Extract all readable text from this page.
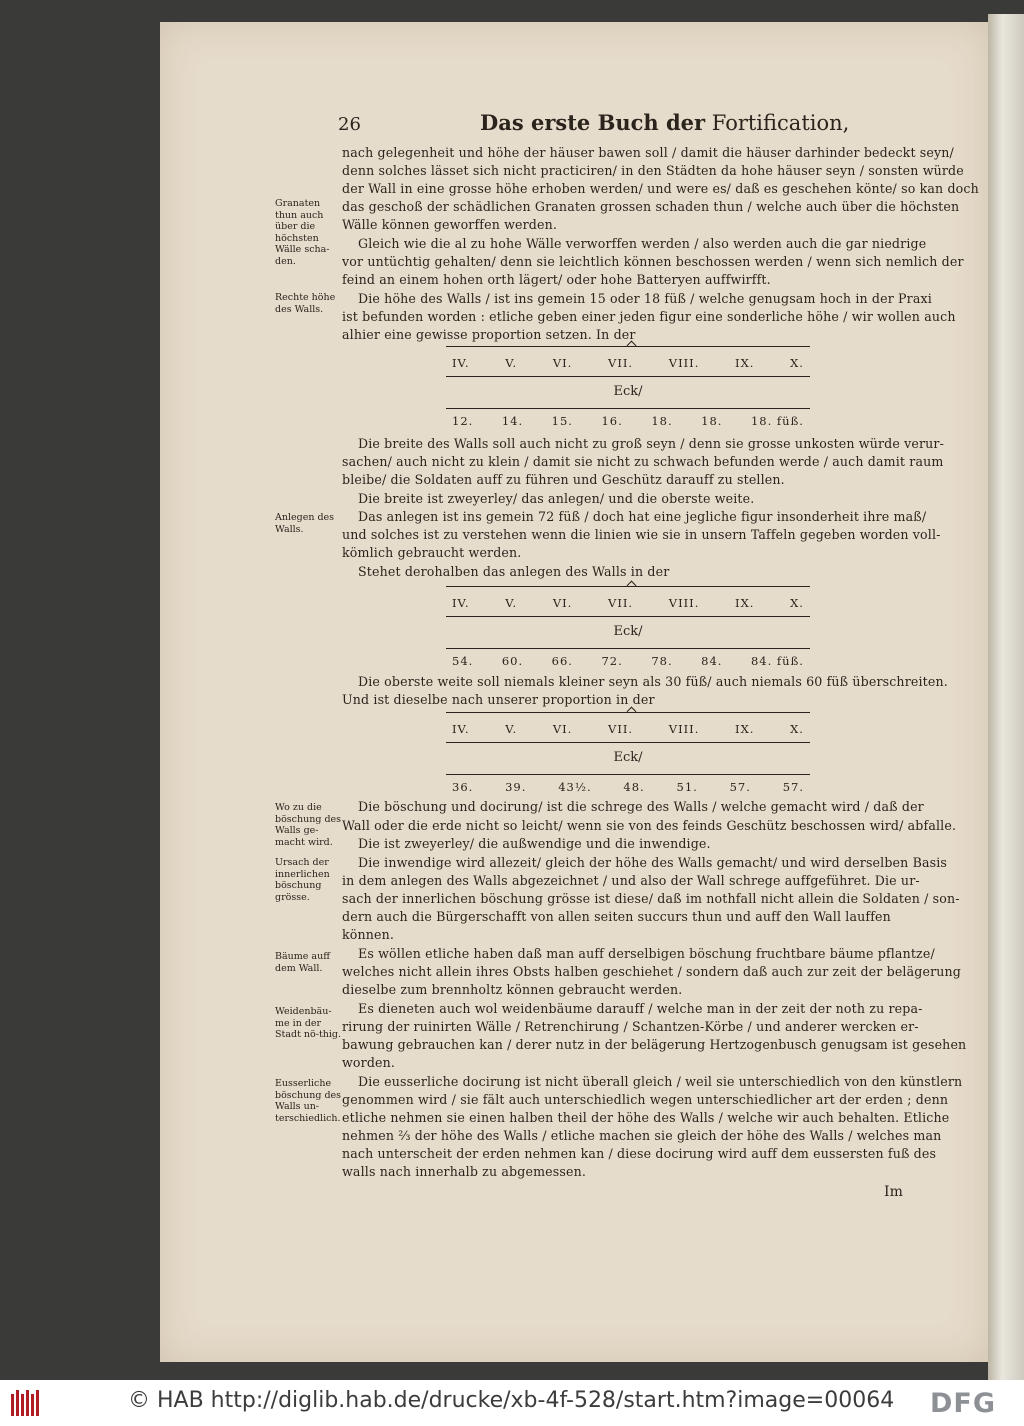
26	Das erste Buch der Fortification,
nach gelegenheit und höhe der häuser bawen soll / damit die häuser darhinder bedeckt seyn/
denn solches lässet sich nicht practiciren/ in den Städten da hohe häuser seyn / sonsten würde
der Wall in eine grosse höhe erhoben werden/ und were es/ daß es geschehen könte/ so kan doch
das geschoß der schädlichen Granaten grossen schaden thun / welche auch über die höchsten
Wälle können geworffen werden.
Gleich wie die al zu hohe Wälle verworffen werden / also werden auch die gar niedrige
vor untüchtig gehalten/ denn sie leichtlich können beschossen werden / wenn sich nemlich der
feind an einem hohen orth lägert/ oder hohe Batteryen auffwirfft.
Die höhe des Walls / ist ins gemein 15 oder 18 füß / welche genugsam hoch in der Praxi
ist befunden worden : etliche geben einer jeden figur eine sonderliche höhe / wir wollen auch
alhier eine gewisse proportion setzen. In der
IV.	V.	VI.	VII.	VIII.	IX.	X.
Eck/
12. 14. 15. 16. 18. 18. 18. füß.
Die breite des Walls soll auch nicht zu groß seyn / denn sie grosse unkosten würde verur-
sachen/ auch nicht zu klein / damit sie nicht zu schwach befunden werde / auch damit raum
bleibe/ die Soldaten auff zu führen und Geschütz darauff zu stellen.
Die breite ist zweyerley/ das anlegen/ und die oberste weite.
Das anlegen ist ins gemein 72 füß / doch hat eine jegliche figur insonderheit ihre maß/
und solches ist zu verstehen wenn die linien wie sie in unsern Taffeln gegeben worden voll-
kömlich gebraucht werden.
Stehet derohalben das anlegen des Walls in der
IV.	V.	VI.	VII.	VIII.	IX.	X.
Eck/
54. 60. 66. 72. 78. 84. 84. füß.
Die oberste weite soll niemals kleiner seyn als 30 füß/ auch niemals 60 füß überschreiten.
Und ist dieselbe nach unserer proportion in der
IV.	V.	VI.	VII.	VIII.	IX.	X.
Eck/
36.	39.	43½.	48.	51.	57.	57.
Die böschung und docirung/ ist die schrege des Walls / welche gemacht wird / daß der
Wall oder die erde nicht so leicht/ wenn sie von des feinds Geschütz beschossen wird/ abfalle.
Die ist zweyerley/ die außwendige und die inwendige.
Die inwendige wird allezeit/ gleich der höhe des Walls gemacht/ und wird derselben Basis
in dem anlegen des Walls abgezeichnet / und also der Wall schrege auffgeführet. Die ur-
sach der innerlichen böschung grösse ist diese/ daß im nothfall nicht allein die Soldaten / son-
dern auch die Bürgerschafft von allen seiten succurs thun und auff den Wall lauffen
können.
Es wöllen etliche haben daß man auff derselbigen böschung fruchtbare bäume pflantze/
welches nicht allein ihres Obsts halben geschiehet / sondern daß auch zur zeit der belägerung
dieselbe zum brennholtz können gebraucht werden.
Es dieneten auch wol weidenbäume darauff / welche man in der zeit der noth zu repa-
rirung der ruinirten Wälle / Retrenchirung / Schantzen-Körbe / und anderer wercken er-
bawung gebrauchen kan / derer nutz in der belägerung Hertzogenbusch genugsam ist gesehen
worden.
Die eusserliche docirung ist nicht überall gleich / weil sie unterschiedlich von den künstlern
genommen wird / sie fält auch unterschiedlich wegen unterschiedlicher art der erden ; denn
etliche nehmen sie einen halben theil der höhe des Walls / welche wir auch behalten. Etliche
nehmen ⅔ der höhe des Walls / etliche machen sie gleich der höhe des Walls / welches man
nach unterscheit der erden nehmen kan / diese docirung wird auff dem eussersten fuß des
walls nach innerhalb zu abgemessen.
Im
Granaten thun auch über die höchsten Wälle scha-den.
Rechte höhe des Walls.
Anlegen des Walls.
Wo zu die böschung des Walls ge-macht wird.
Ursach der innerlichen böschung grösse.
Bäume auff dem Wall.
Weidenbäu-me in der Stadt nö-thig.
Eusserliche böschung des Walls un-terschiedlich.
© HAB http://diglib.hab.de/drucke/xb-4f-528/start.htm?image=00064 DFG
